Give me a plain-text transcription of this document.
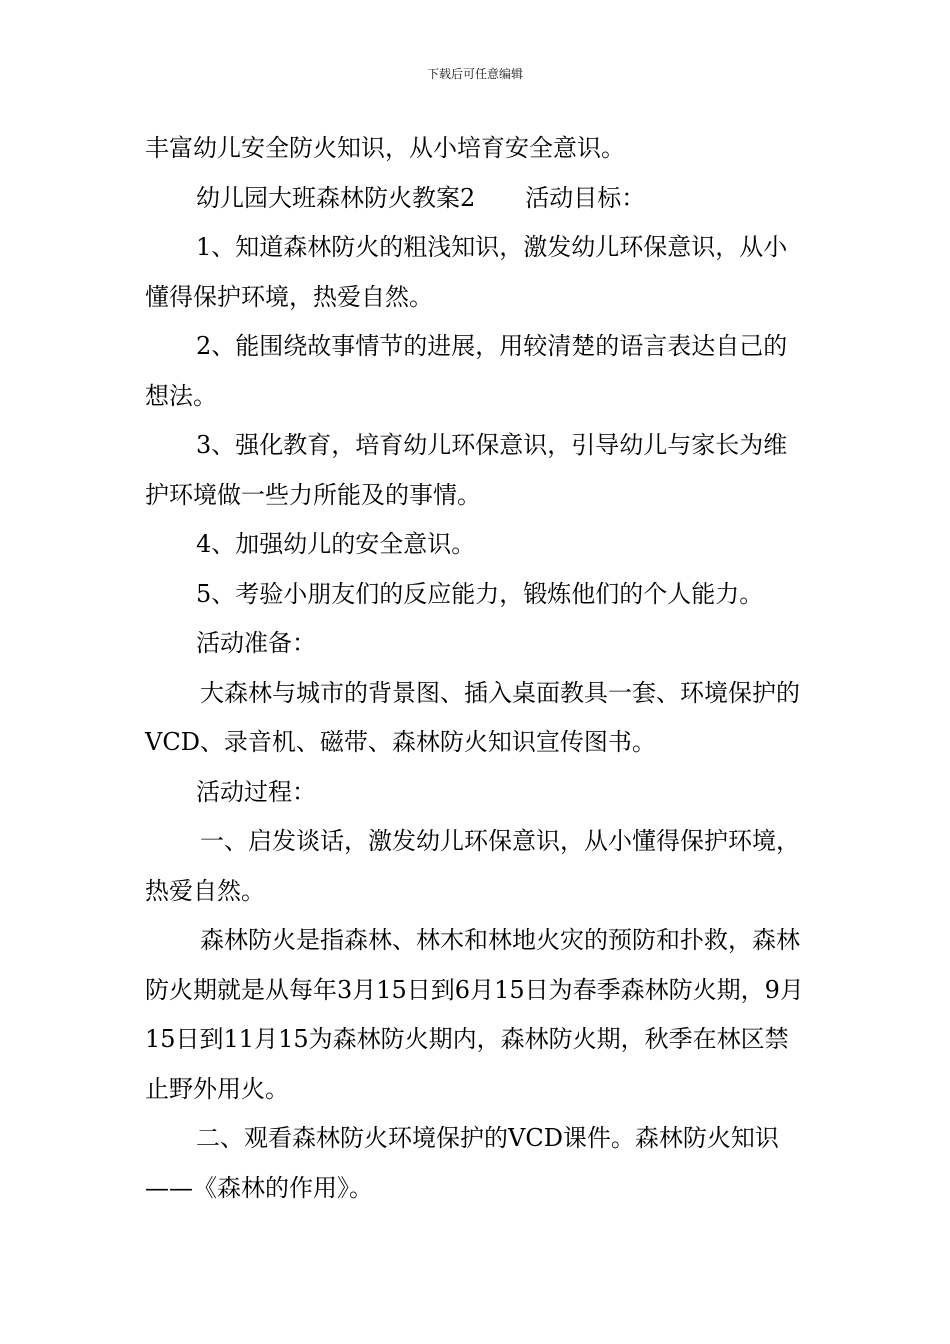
下载后可任意编辑

丰富幼儿安全防火知识，从小培育安全意识。

幼儿园大班森林防火教案2 活动目标：

1、知道森林防火的粗浅知识，激发幼儿环保意识，从小懂得保护环境，热爱自然。

2、能围绕故事情节的进展，用较清楚的语言表达自己的想法。

3、强化教育，培育幼儿环保意识，引导幼儿与家长为维护环境做一些力所能及的事情。

4、加强幼儿的安全意识。

5、考验小朋友们的反应能力，锻炼他们的个人能力。

活动准备：

大森林与城市的背景图、插入桌面教具一套、环境保护的VCD、录音机、磁带、森林防火知识宣传图书。

活动过程：

一、启发谈话，激发幼儿环保意识，从小懂得保护环境，热爱自然。

森林防火是指森林、林木和林地火灾的预防和扑救，森林防火期就是从每年3月15日到6月15日为春季森林防火期，9月15日到11月15为森林防火期内，森林防火期，秋季在林区禁止野外用火。

二、观看森林防火环境保护的VCD课件。森林防火知识——《森林的作用》。
